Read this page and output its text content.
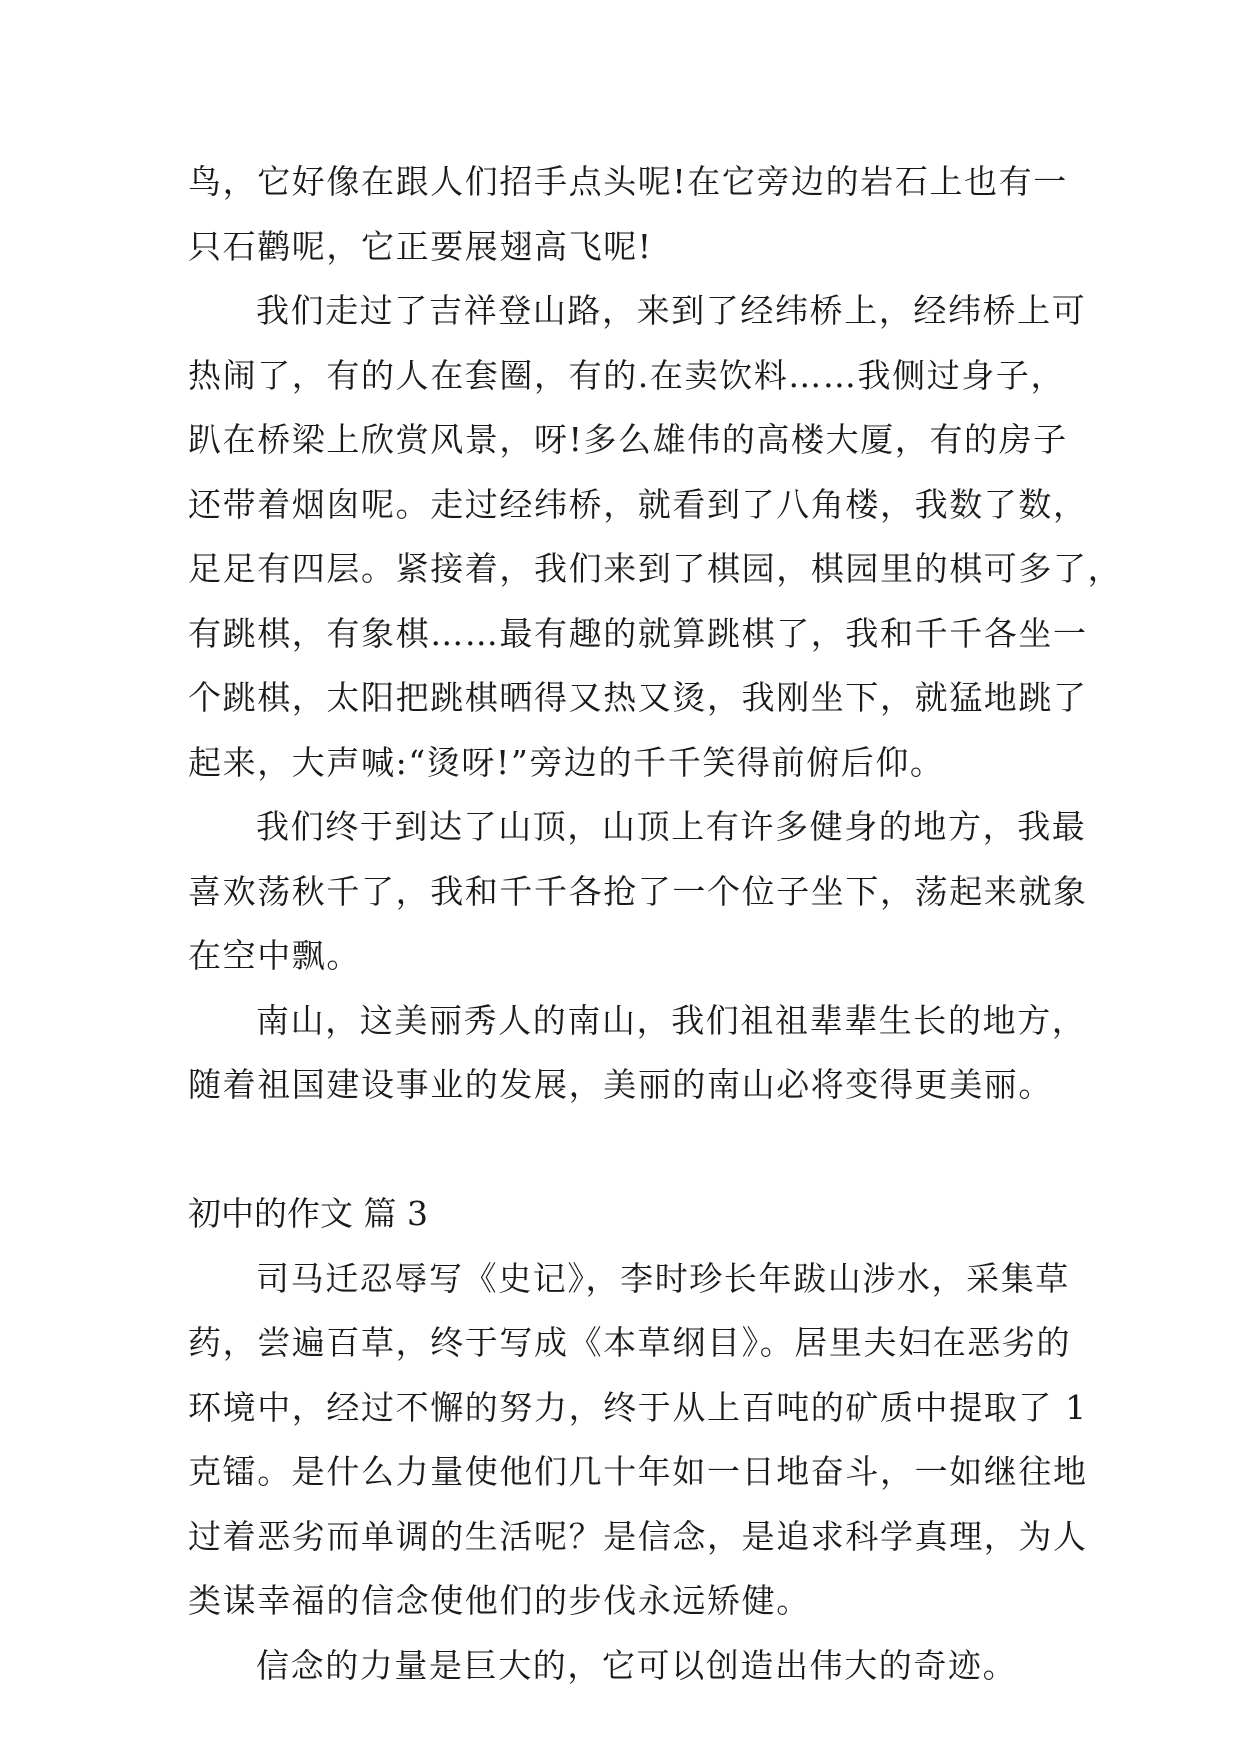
鸟，它好像在跟人们招手点头呢!在它旁边的岩石上也有一
只石鹳呢，它正要展翅高飞呢!
我们走过了吉祥登山路，来到了经纬桥上，经纬桥上可
热闹了，有的人在套圈，有的.在卖饮料……我侧过身子，
趴在桥梁上欣赏风景，呀!多么雄伟的高楼大厦，有的房子
还带着烟囱呢。走过经纬桥，就看到了八角楼，我数了数，
足足有四层。紧接着，我们来到了棋园，棋园里的棋可多了，
有跳棋，有象棋……最有趣的就算跳棋了，我和千千各坐一
个跳棋，太阳把跳棋晒得又热又烫，我刚坐下，就猛地跳了
起来，大声喊:“烫呀!”旁边的千千笑得前俯后仰。
我们终于到达了山顶，山顶上有许多健身的地方，我最
喜欢荡秋千了，我和千千各抢了一个位子坐下，荡起来就象
在空中飘。
南山，这美丽秀人的南山，我们祖祖辈辈生长的地方，
随着祖国建设事业的发展，美丽的南山必将变得更美丽。
初中的作文 篇 3
司马迁忍辱写《史记》，李时珍长年跋山涉水，采集草
药，尝遍百草，终于写成《本草纲目》。居里夫妇在恶劣的
环境中，经过不懈的努力，终于从上百吨的矿质中提取了 1
克镭。是什么力量使他们几十年如一日地奋斗，一如继往地
过着恶劣而单调的生活呢？是信念，是追求科学真理，为人
类谋幸福的信念使他们的步伐永远矫健。
信念的力量是巨大的，它可以创造出伟大的奇迹。
